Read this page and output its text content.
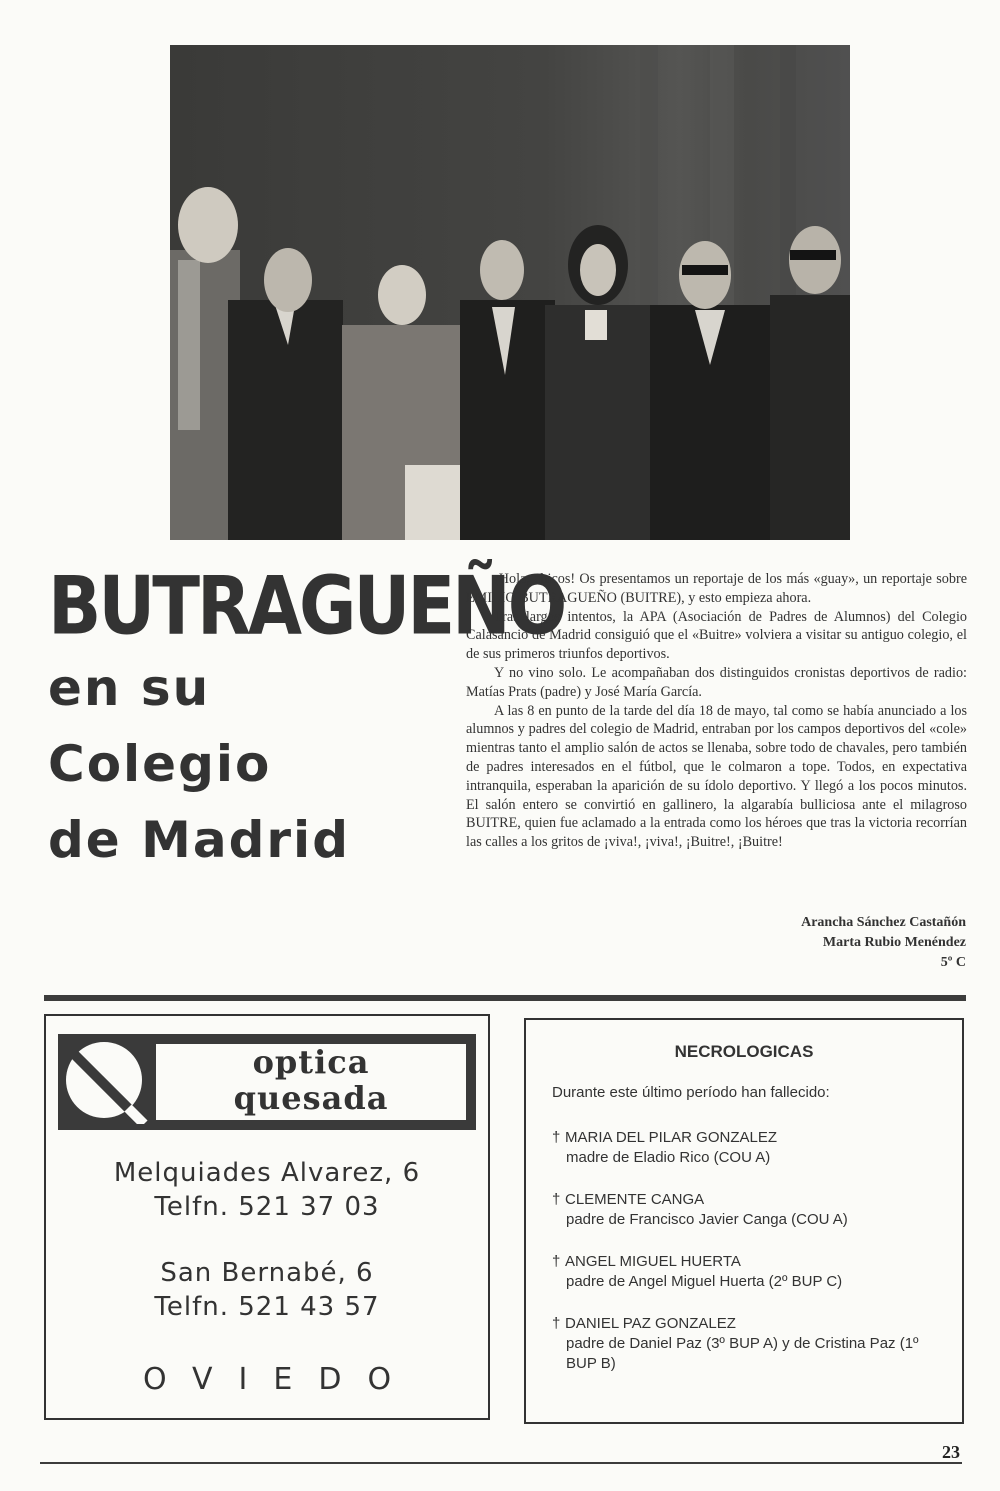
BUTRAGUEÑO
en su
Colegio
de Madrid

¡Hola, chicos! Os presentamos un reportaje de los más «guay», un reportaje sobre EMILIO BUTRAGUEÑO (BUITRE), y esto empieza ahora.

Tras largos intentos, la APA (Asociación de Padres de Alumnos) del Colegio Calasancio de Madrid consiguió que el «Buitre» volviera a visitar su antiguo colegio, el de sus primeros triunfos deportivos.

Y no vino solo. Le acompañaban dos distinguidos cronistas deportivos de radio: Matías Prats (padre) y José María García.

A las 8 en punto de la tarde del día 18 de mayo, tal como se había anunciado a los alumnos y padres del colegio de Madrid, entraban por los campos deportivos del «cole» mientras tanto el amplio salón de actos se llenaba, sobre todo de chavales, pero también de padres interesados en el fútbol, que le colmaron a tope. Todos, en expectativa intranquila, esperaban la aparición de su ídolo deportivo. Y llegó a los pocos minutos. El salón entero se convirtió en gallinero, la algarabía bulliciosa ante el milagroso BUITRE, quien fue aclamado a la entrada como los héroes que tras la victoria recorrían las calles a los gritos de ¡viva!, ¡viva!, ¡Buitre!, ¡Buitre!

Arancha Sánchez Castañón
Marta Rubio Menéndez
5º C
optica
quesada
Melquiades Alvarez, 6
Telfn. 521 37 03
San Bernabé, 6
Telfn. 521 43 57
OVIEDO
NECROLOGICAS
Durante este último período han fallecido:
† MARIA DEL PILAR GONZALEZ
madre de Eladio Rico (COU A)
† CLEMENTE CANGA
padre de Francisco Javier Canga (COU A)
† ANGEL MIGUEL HUERTA
padre de Angel Miguel Huerta (2º BUP C)
† DANIEL PAZ GONZALEZ
padre de Daniel Paz (3º BUP A) y de Cristina Paz (1º BUP B)
23
